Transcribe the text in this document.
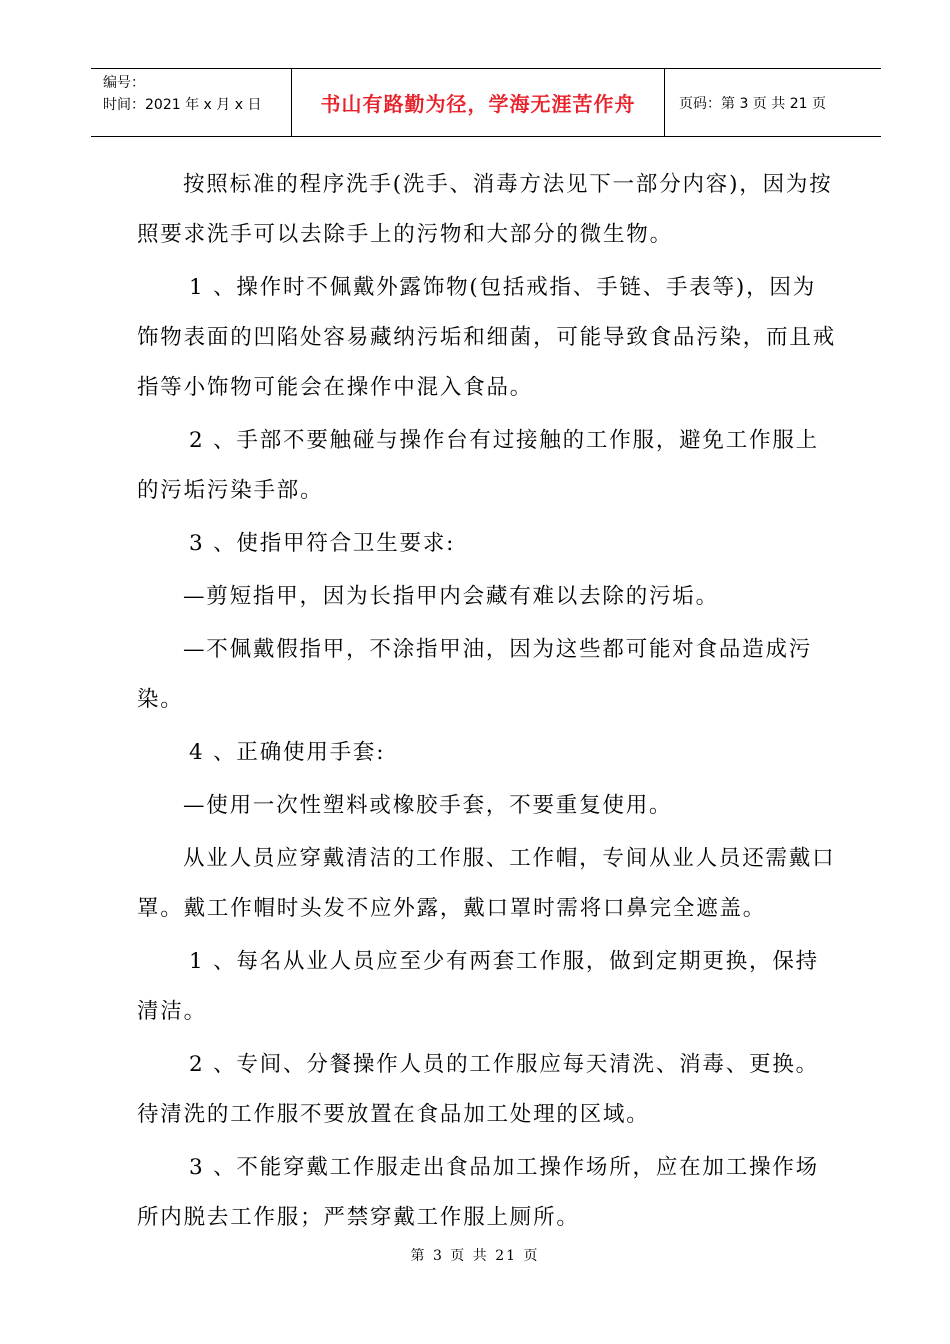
编号：
时间：2021 年 x 月 x 日	书山有路勤为径，学海无涯苦作舟	页码：第 3 页 共 21 页

按照标准的程序洗手(洗手、消毒方法见下一部分内容)，因为按照要求洗手可以去除手上的污物和大部分的微生物。

1 、操作时不佩戴外露饰物(包括戒指、手链、手表等)，因为饰物表面的凹陷处容易藏纳污垢和细菌，可能导致食品污染，而且戒指等小饰物可能会在操作中混入食品。

2 、手部不要触碰与操作台有过接触的工作服，避免工作服上的污垢污染手部。

3 、使指甲符合卫生要求:

—剪短指甲，因为长指甲内会藏有难以去除的污垢。

—不佩戴假指甲，不涂指甲油，因为这些都可能对食品造成污染。

4 、正确使用手套:

—使用一次性塑料或橡胶手套，不要重复使用。

从业人员应穿戴清洁的工作服、工作帽，专间从业人员还需戴口罩。戴工作帽时头发不应外露，戴口罩时需将口鼻完全遮盖。

1 、每名从业人员应至少有两套工作服，做到定期更换，保持清洁。

2 、专间、分餐操作人员的工作服应每天清洗、消毒、更换。待清洗的工作服不要放置在食品加工处理的区域。

3 、不能穿戴工作服走出食品加工操作场所，应在加工操作场所内脱去工作服；严禁穿戴工作服上厕所。

第 3 页 共 21 页
